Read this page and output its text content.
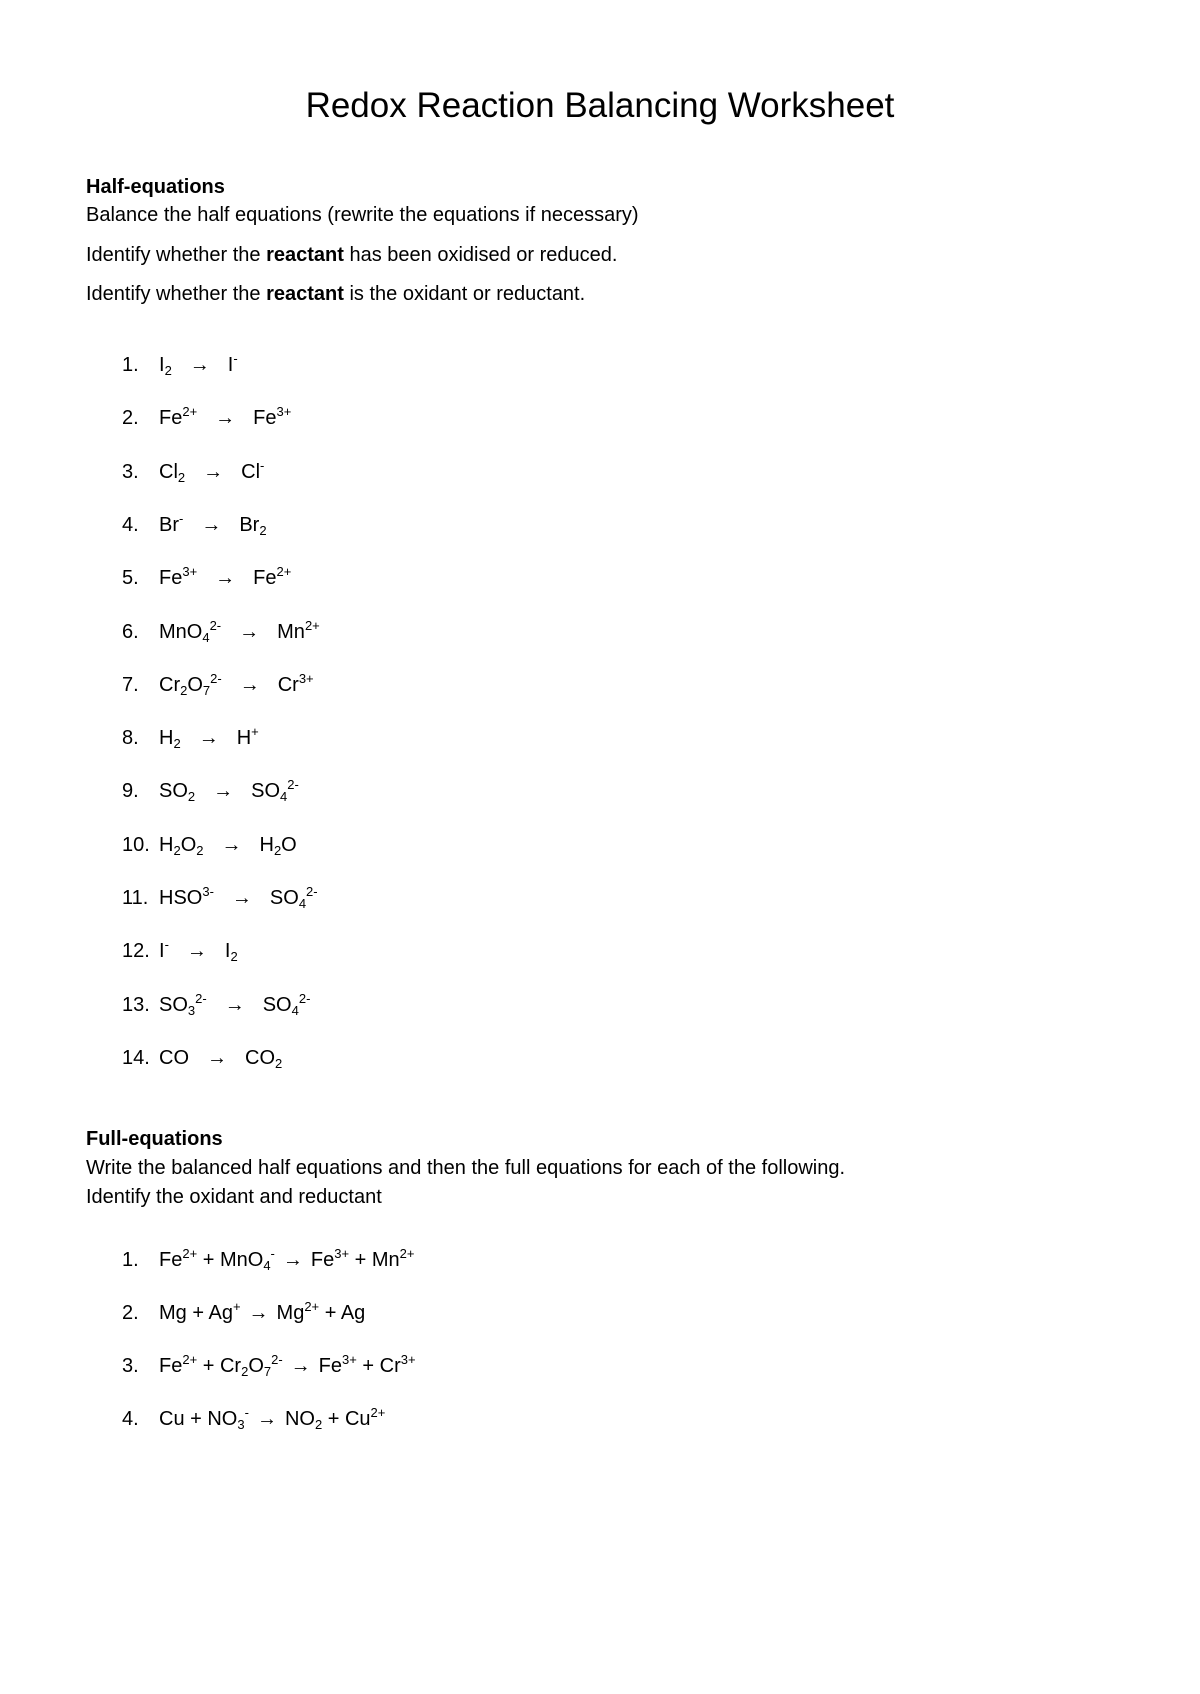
Redox Reaction Balancing Worksheet
Half-equations
Balance the half equations (rewrite the equations if necessary)
Identify whether the reactant has been oxidised or reduced.
Identify whether the reactant is the oxidant or reductant.
1. $I_2 \to I^-$
2. $Fe^{2+} \to Fe^{3+}$
3. $Cl_2 \to Cl^-$
4. $Br^- \to Br_2$
5. $Fe^{3+} \to Fe^{2+}$
6. $MnO_4^{2-} \to Mn^{2+}$
7. $Cr_2O_7^{2-} \to Cr^{3+}$
8. $H_2 \to H^+$
9. $SO_2 \to SO_4^{2-}$
10. $H_2O_2 \to H_2O$
11. $HSO^{3-} \to SO_4^{2-}$
12. $I^- \to I_2$
13. $SO_3^{2-} \to SO_4^{2-}$
14. CO → $CO_2$
Full-equations
Write the balanced half equations and then the full equations for each of the following.
Identify the oxidant and reductant
1. $Fe^{2+} + MnO_4^- \to Fe^{3+} + Mn^{2+}$
2. $Mg + Ag^+ \to Mg^{2+} + Ag$
3. $Fe^{2+} + Cr_2O_7^{2-} \to Fe^{3+} + Cr^{3+}$
4. $Cu + NO_3^- \to NO_2 + Cu^{2+}$
